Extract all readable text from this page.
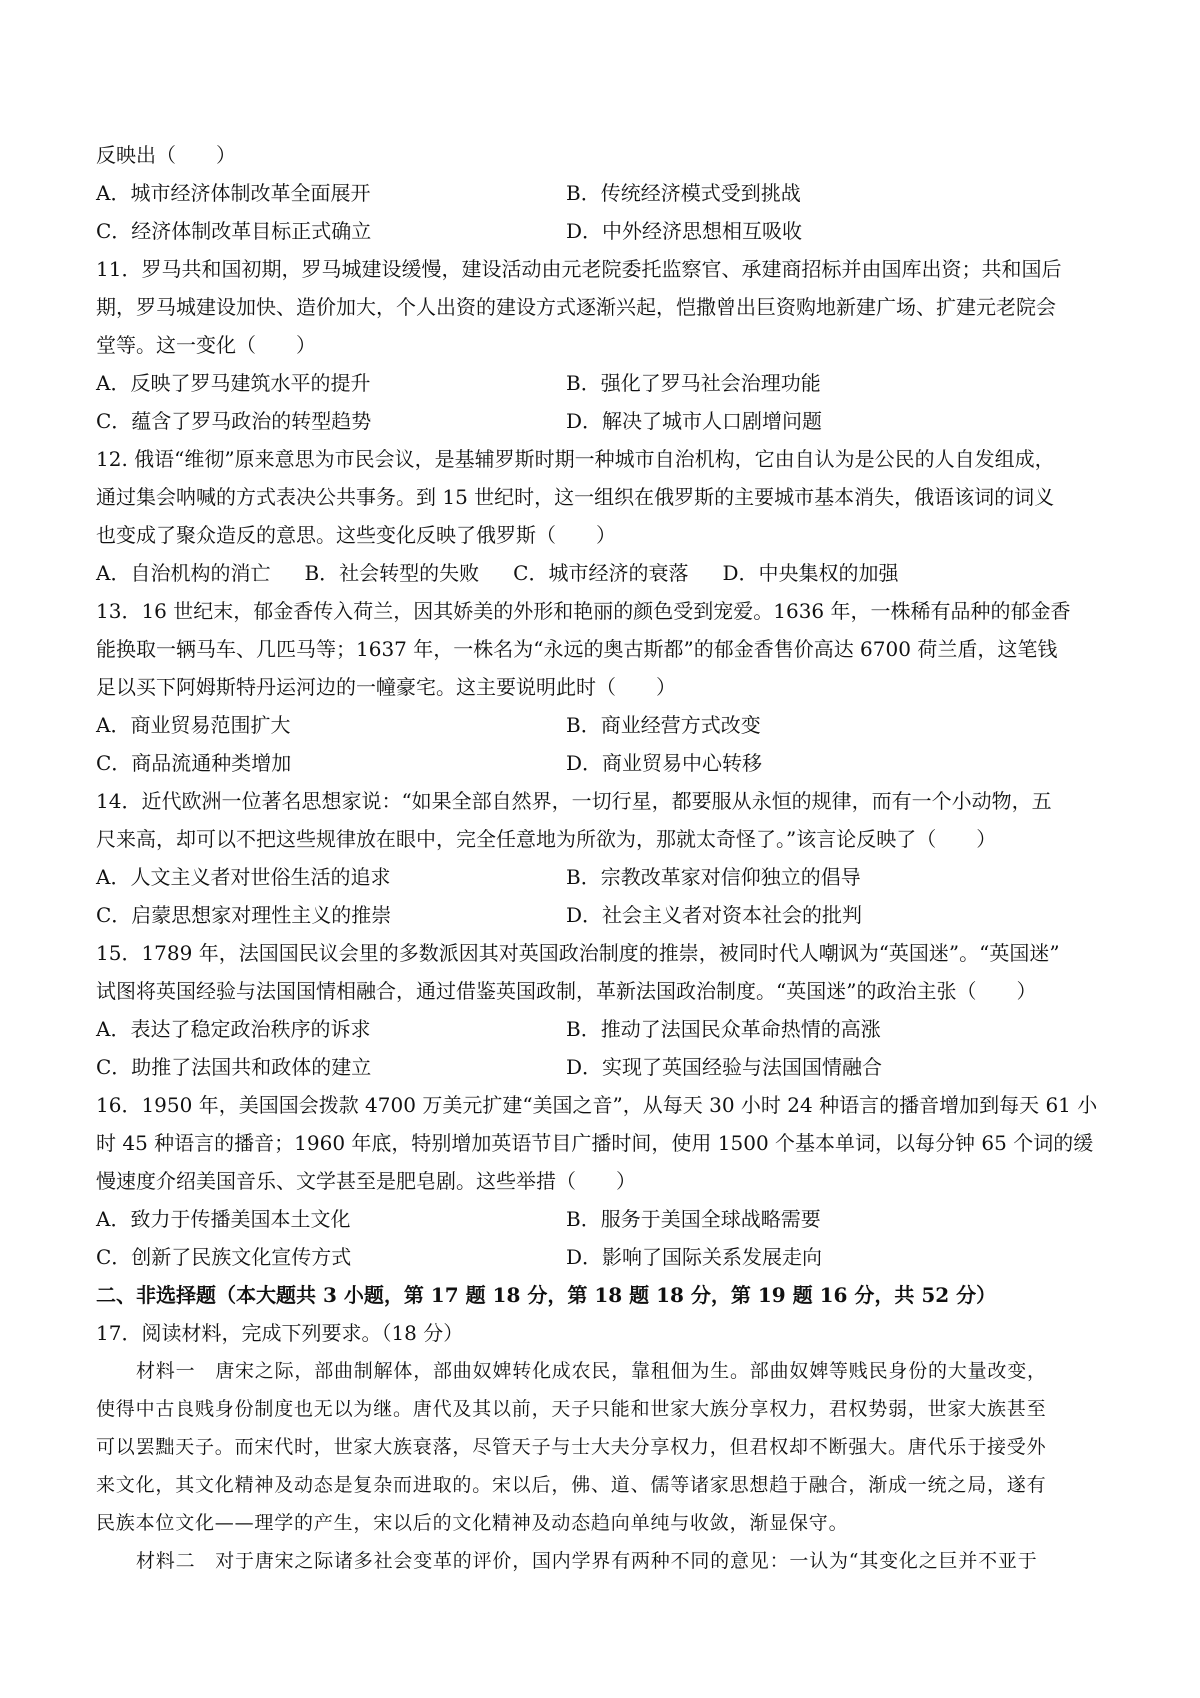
反映出（　　）
A．城市经济体制改革全面展开	B．传统经济模式受到挑战
C．经济体制改革目标正式确立	D．中外经济思想相互吸收
11．罗马共和国初期，罗马城建设缓慢，建设活动由元老院委托监察官、承建商招标并由国库出资；共和国后
期，罗马城建设加快、造价加大，个人出资的建设方式逐渐兴起，恺撒曾出巨资购地新建广场、扩建元老院会
堂等。这一变化（　　）
A．反映了罗马建筑水平的提升	B．强化了罗马社会治理功能
C．蕴含了罗马政治的转型趋势	D．解决了城市人口剧增问题
12. 俄语“维彻”原来意思为市民会议，是基辅罗斯时期一种城市自治机构，它由自认为是公民的人自发组成，
通过集会呐喊的方式表决公共事务。到 15 世纪时，这一组织在俄罗斯的主要城市基本消失，俄语该词的词义
也变成了聚众造反的意思。这些变化反映了俄罗斯（　　）
A．自治机构的消亡 B．社会转型的失败 C．城市经济的衰落 D．中央集权的加强
13．16 世纪末，郁金香传入荷兰，因其娇美的外形和艳丽的颜色受到宠爱。1636 年，一株稀有品种的郁金香
能换取一辆马车、几匹马等；1637 年，一株名为“永远的奥古斯都”的郁金香售价高达 6700 荷兰盾，这笔钱
足以买下阿姆斯特丹运河边的一幢豪宅。这主要说明此时（　　）
A．商业贸易范围扩大	B．商业经营方式改变
C．商品流通种类增加	D．商业贸易中心转移
14．近代欧洲一位著名思想家说：“如果全部自然界，一切行星，都要服从永恒的规律，而有一个小动物，五
尺来高，却可以不把这些规律放在眼中，完全任意地为所欲为，那就太奇怪了。”该言论反映了（　　）
A．人文主义者对世俗生活的追求	B．宗教改革家对信仰独立的倡导
C．启蒙思想家对理性主义的推崇	D．社会主义者对资本社会的批判
15．1789 年，法国国民议会里的多数派因其对英国政治制度的推崇，被同时代人嘲讽为“英国迷”。“英国迷”
试图将英国经验与法国国情相融合，通过借鉴英国政制，革新法国政治制度。“英国迷”的政治主张（　　）
A．表达了稳定政治秩序的诉求	B．推动了法国民众革命热情的高涨
C．助推了法国共和政体的建立	D．实现了英国经验与法国国情融合
16．1950 年，美国国会拨款 4700 万美元扩建“美国之音”，从每天 30 小时 24 种语言的播音增加到每天 61 小
时 45 种语言的播音；1960 年底，特别增加英语节目广播时间，使用 1500 个基本单词，以每分钟 65 个词的缓
慢速度介绍美国音乐、文学甚至是肥皂剧。这些举措（　　）
A．致力于传播美国本土文化	B．服务于美国全球战略需要
C．创新了民族文化宣传方式	D．影响了国际关系发展走向
二、非选择题（本大题共 3 小题，第 17 题 18 分，第 18 题 18 分，第 19 题 16 分，共 52 分）
17．阅读材料，完成下列要求。（18 分）
材料一　唐宋之际，部曲制解体，部曲奴婢转化成农民，靠租佃为生。部曲奴婢等贱民身份的大量改变，
使得中古良贱身份制度也无以为继。唐代及其以前，天子只能和世家大族分享权力，君权势弱，世家大族甚至
可以罢黜天子。而宋代时，世家大族衰落，尽管天子与士大夫分享权力，但君权却不断强大。唐代乐于接受外
来文化，其文化精神及动态是复杂而进取的。宋以后，佛、道、儒等诸家思想趋于融合，渐成一统之局，遂有
民族本位文化——理学的产生，宋以后的文化精神及动态趋向单纯与收敛，渐显保守。
材料二　对于唐宋之际诸多社会变革的评价，国内学界有两种不同的意见：一认为“其变化之巨并不亚于
